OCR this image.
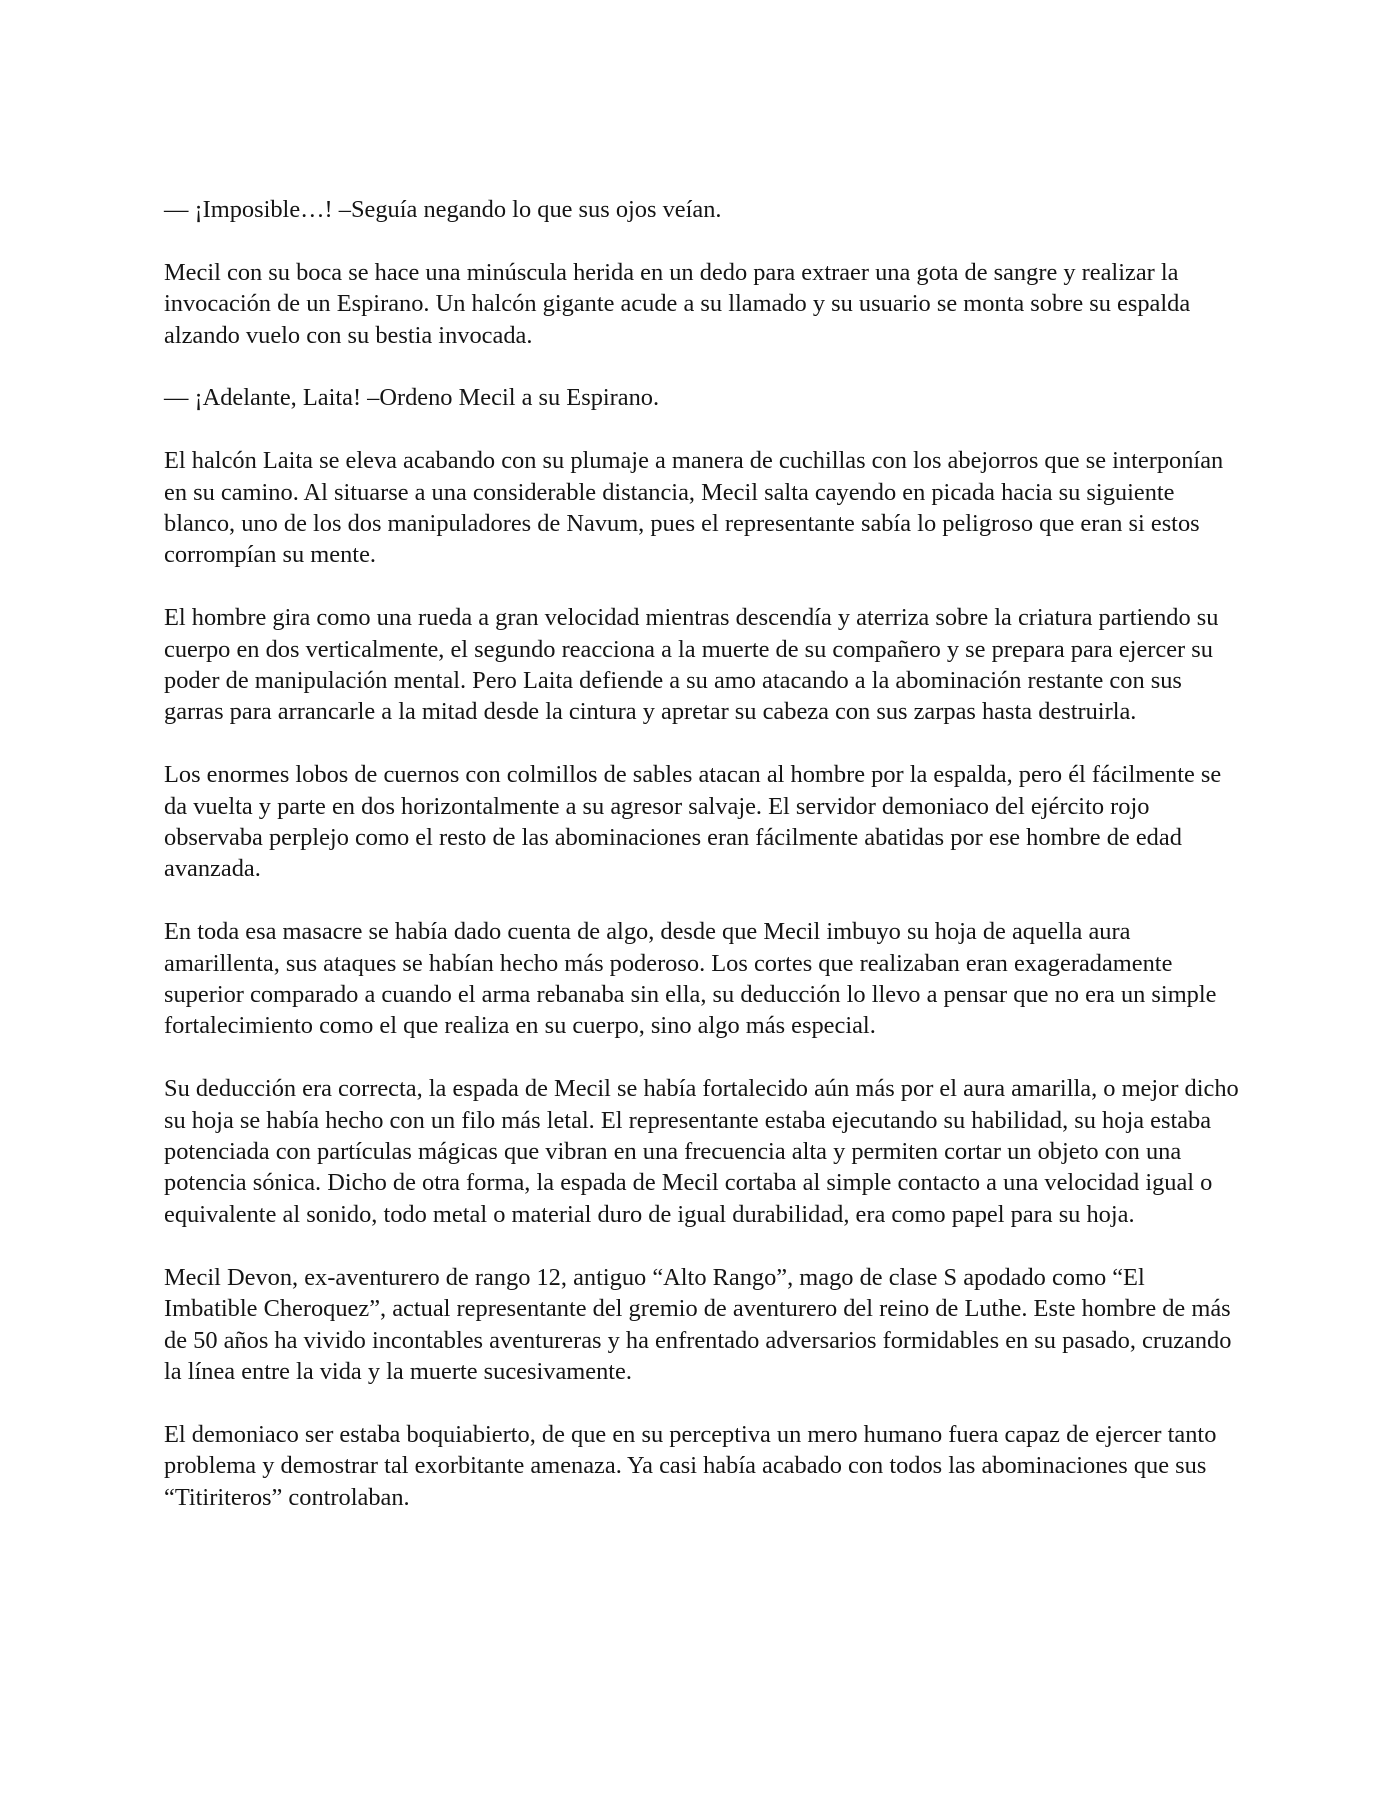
— ¡Imposible…! –Seguía negando lo que sus ojos veían.

Mecil con su boca se hace una minúscula herida en un dedo para extraer una gota de sangre y realizar la invocación de un Espirano. Un halcón gigante acude a su llamado y su usuario se monta sobre su espalda alzando vuelo con su bestia invocada.

— ¡Adelante, Laita! –Ordeno Mecil a su Espirano.

El halcón Laita se eleva acabando con su plumaje a manera de cuchillas con los abejorros que se interponían en su camino. Al situarse a una considerable distancia, Mecil salta cayendo en picada hacia su siguiente blanco, uno de los dos manipuladores de Navum, pues el representante sabía lo peligroso que eran si estos corrompían su mente.

El hombre gira como una rueda a gran velocidad mientras descendía y aterriza sobre la criatura partiendo su cuerpo en dos verticalmente, el segundo reacciona a la muerte de su compañero y se prepara para ejercer su poder de manipulación mental. Pero Laita defiende a su amo atacando a la abominación restante con sus garras para arrancarle a la mitad desde la cintura y apretar su cabeza con sus zarpas hasta destruirla.

Los enormes lobos de cuernos con colmillos de sables atacan al hombre por la espalda, pero él fácilmente se da vuelta y parte en dos horizontalmente a su agresor salvaje. El servidor demoniaco del ejército rojo observaba perplejo como el resto de las abominaciones eran fácilmente abatidas por ese hombre de edad avanzada.

En toda esa masacre se había dado cuenta de algo, desde que Mecil imbuyo su hoja de aquella aura amarillenta, sus ataques se habían hecho más poderoso. Los cortes que realizaban eran exageradamente superior comparado a cuando el arma rebanaba sin ella, su deducción lo llevo a pensar que no era un simple fortalecimiento como el que realiza en su cuerpo, sino algo más especial.

Su deducción era correcta, la espada de Mecil se había fortalecido aún más por el aura amarilla, o mejor dicho su hoja se había hecho con un filo más letal. El representante estaba ejecutando su habilidad, su hoja estaba potenciada con partículas mágicas que vibran en una frecuencia alta y permiten cortar un objeto con una potencia sónica. Dicho de otra forma, la espada de Mecil cortaba al simple contacto a una velocidad igual o equivalente al sonido, todo metal o material duro de igual durabilidad, era como papel para su hoja.

Mecil Devon, ex-aventurero de rango 12, antiguo “Alto Rango”, mago de clase S apodado como “El Imbatible Cheroquez”, actual representante del gremio de aventurero del reino de Luthe. Este hombre de más de 50 años ha vivido incontables aventureras y ha enfrentado adversarios formidables en su pasado, cruzando la línea entre la vida y la muerte sucesivamente.

El demoniaco ser estaba boquiabierto, de que en su perceptiva un mero humano fuera capaz de ejercer tanto problema y demostrar tal exorbitante amenaza. Ya casi había acabado con todos las abominaciones que sus “Titiriteros” controlaban.
